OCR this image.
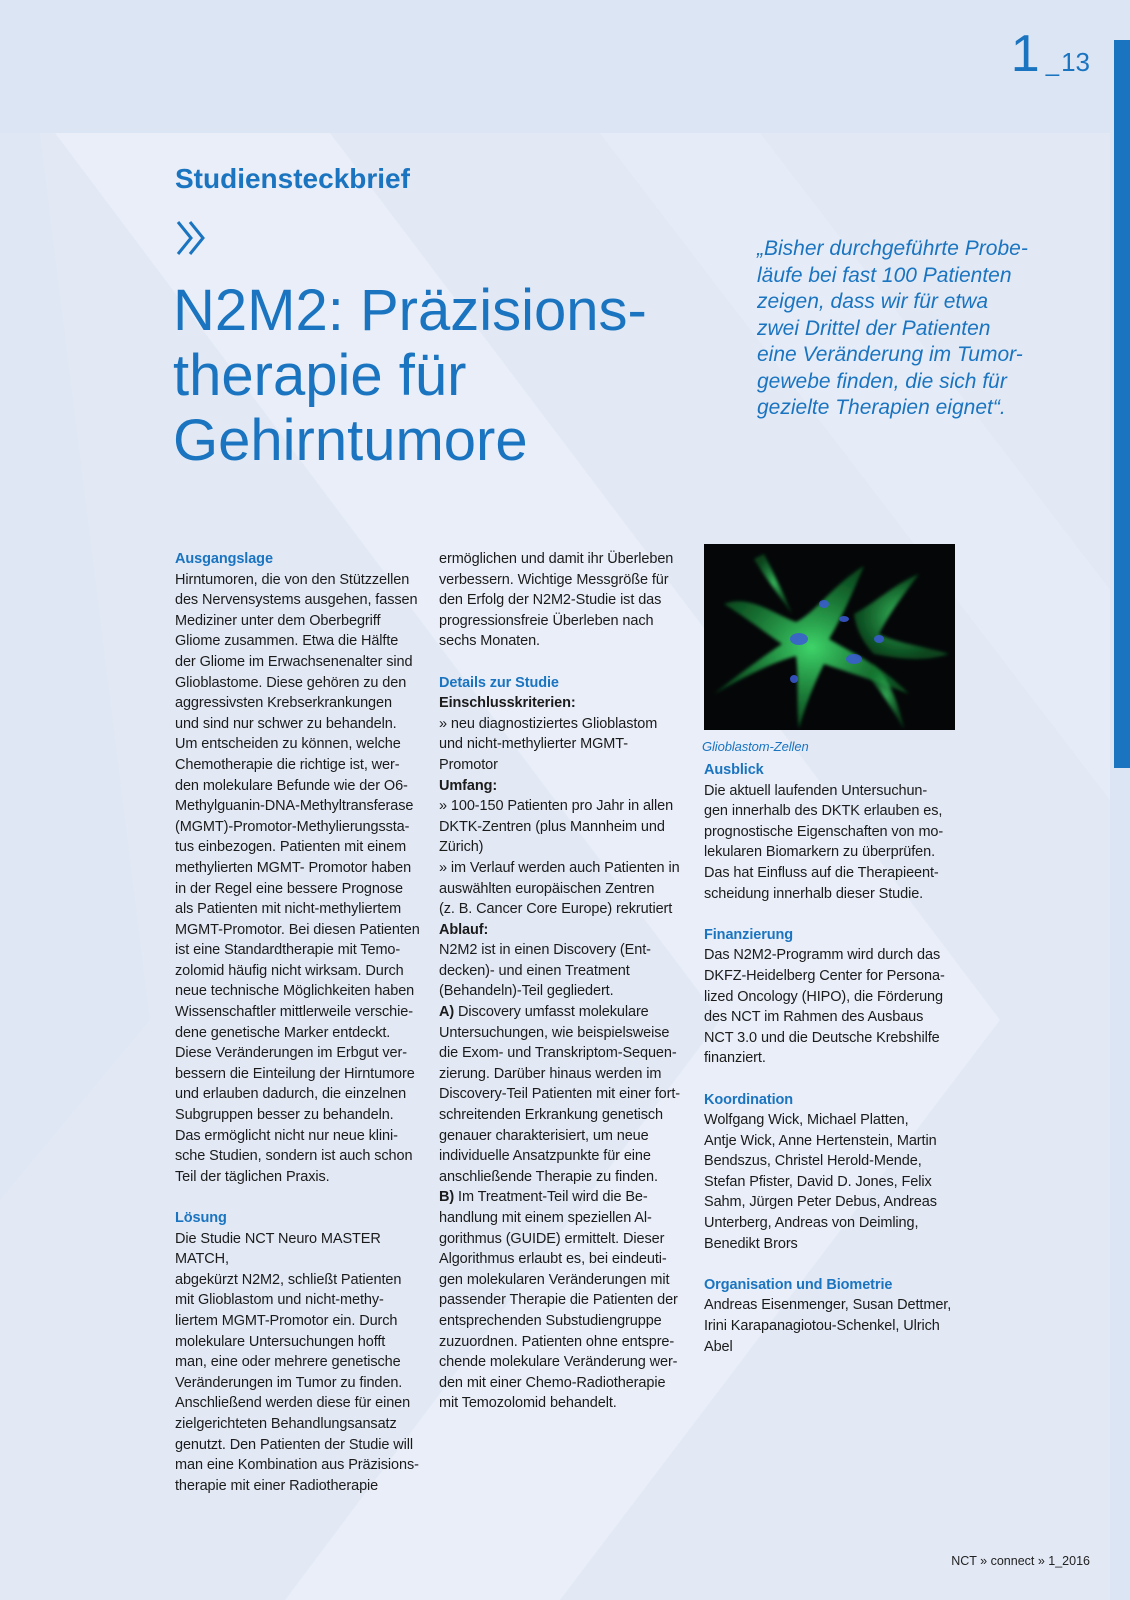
1 _13
Studiensteckbrief
N2M2: Präzisions-
therapie für
Gehirntumore
„Bisher durchgeführte Probe-
läufe bei fast 100 Patienten
zeigen, dass wir für etwa
zwei Drittel der Patienten
eine Veränderung im Tumor-
gewebe finden, die sich für
gezielte Therapien eignet“.
Ausgangslage
Hirntumoren, die von den Stützzellen
des Nervensystems ausgehen, fassen
Mediziner unter dem Oberbegriff
Gliome zusammen. Etwa die Hälfte
der Gliome im Erwachsenenalter sind
Glioblastome. Diese gehören zu den
aggressivsten Krebserkrankungen
und sind nur schwer zu behandeln.
Um entscheiden zu können, welche
Chemotherapie die richtige ist, wer-
den molekulare Befunde wie der O6-
Methylguanin-DNA-Methyltransferase
(MGMT)-Promotor-Methylierungssta-
tus einbezogen. Patienten mit einem
methylierten MGMT- Promotor haben
in der Regel eine bessere Prognose
als Patienten mit nicht-methyliertem
MGMT-Promotor. Bei diesen Patienten
ist eine Standardtherapie mit Temo-
zolomid häufig nicht wirksam. Durch
neue technische Möglichkeiten haben
Wissenschaftler mittlerweile verschie-
dene genetische Marker entdeckt.
Diese Veränderungen im Erbgut ver-
bessern die Einteilung der Hirntumore
und erlauben dadurch, die einzelnen
Subgruppen besser zu behandeln.
Das ermöglicht nicht nur neue klini-
sche Studien, sondern ist auch schon
Teil der täglichen Praxis.
Lösung
Die Studie NCT Neuro MASTER MATCH,
abgekürzt N2M2, schließt Patienten
mit Glioblastom und nicht-methy-
liertem MGMT-Promotor ein. Durch
molekulare Untersuchungen hofft
man, eine oder mehrere genetische
Veränderungen im Tumor zu finden.
Anschließend werden diese für einen
zielgerichteten Behandlungsansatz
genutzt. Den Patienten der Studie will
man eine Kombination aus Präzisions-
therapie mit einer Radiotherapie
ermöglichen und damit ihr Überleben
verbessern. Wichtige Messgröße für
den Erfolg der N2M2-Studie ist das
progressionsfreie Überleben nach
sechs Monaten.
Details zur Studie
Einschlusskriterien:
» neu diagnostiziertes Glioblastom
und nicht-methylierter MGMT-
Promotor
Umfang:
» 100-150 Patienten pro Jahr in allen
DKTK-Zentren (plus Mannheim und
Zürich)
» im Verlauf werden auch Patienten in
auswählten europäischen Zentren
(z. B. Cancer Core Europe) rekrutiert
Ablauf:
N2M2 ist in einen Discovery (Ent-
decken)- und einen Treatment
(Behandeln)-Teil gegliedert.
A) Discovery umfasst molekulare
Untersuchungen, wie beispielsweise
die Exom- und Transkriptom-Sequen-
zierung. Darüber hinaus werden im
Discovery-Teil Patienten mit einer fort-
schreitenden Erkrankung genetisch
genauer charakterisiert, um neue
individuelle Ansatzpunkte für eine
anschließende Therapie zu finden.
B) Im Treatment-Teil wird die Be-
handlung mit einem speziellen Al-
gorithmus (GUIDE) ermittelt. Dieser
Algorithmus erlaubt es, bei eindeuti-
gen molekularen Veränderungen mit
passender Therapie die Patienten der
entsprechenden Substudiengruppe
zuzuordnen. Patienten ohne entspre-
chende molekulare Veränderung wer-
den mit einer Chemo-Radiotherapie
mit Temozolomid behandelt.
Glioblastom-Zellen
Ausblick
Die aktuell laufenden Untersuchun-
gen innerhalb des DKTK erlauben es,
prognostische Eigenschaften von mo-
lekularen Biomarkern zu überprüfen.
Das hat Einfluss auf die Therapieent-
scheidung innerhalb dieser Studie.
Finanzierung
Das N2M2-Programm wird durch das
DKFZ-Heidelberg Center for Persona-
lized Oncology (HIPO), die Förderung
des NCT im Rahmen des Ausbaus
NCT 3.0 und die Deutsche Krebshilfe
finanziert.
Koordination
Wolfgang Wick, Michael Platten,
Antje Wick, Anne Hertenstein, Martin
Bendszus, Christel Herold-Mende,
Stefan Pfister, David D. Jones, Felix
Sahm, Jürgen Peter Debus, Andreas
Unterberg, Andreas von Deimling,
Benedikt Brors
Organisation und Biometrie
Andreas Eisenmenger, Susan Dettmer,
Irini Karapanagiotou-Schenkel, Ulrich
Abel
NCT » connect » 1_2016
